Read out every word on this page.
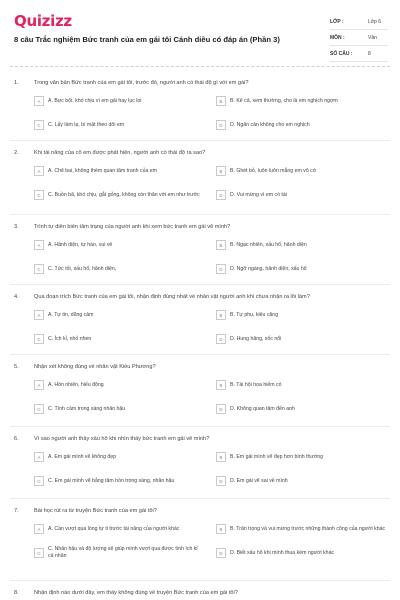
Quizizz
8 câu Trắc nghiệm Bức tranh của em gái tôi Cánh diều có đáp án (Phần 3)
LỚP :	Lớp 6
MÔN :	Văn
SỐ CÂU :	8
1.	Trong văn bản Bức tranh của em gái tôi, trước đó, người anh có thái độ gì với em gái?
A	A. Bực bội, khó chịu vì em gái hay lục lọi	B	B. Kẻ cả, xem thường, cho là em nghịch ngợm
C	C. Lấy làm lạ, bí mật theo dõi em	D	D. Ngăn cản không cho em nghịch
2.	Khi tài năng của cô em được phát hiện, người anh có thái độ ra sao?
A	A. Chê bai, không thèm quan tâm tranh của em	B	B. Ghét bỏ, luôn luôn mắng em vô cớ
C	C. Buồn bã, khó chịu, gắt gỏng, không còn thân với em như trước	D	D. Vui mừng vì em có tài
3.	Trình tự diễn biến tâm trạng của người anh khi xem bức tranh em gái vẽ mình?
A	A. Hãnh diện, tự hào, vui vẻ	B	B. Ngạc nhiên, xấu hổ, hãnh diện
C	C. Tức tối, xấu hổ, hãnh diện,	D	D. Ngỡ ngàng, hãnh diện, xấu hổ
4.	Qua đoạn trích Bức tranh của em gái tôi, nhận định đúng nhất về nhân vật người anh khi chưa nhận ra lỗi lầm?
A	A. Tự tin, dũng cảm	B	B. Tự phụ, kiêu căng
C	C. Ích kỉ, nhỏ nhen	D	D. Hung hăng, xốc nổi
5.	Nhận xét không đúng về nhân vật Kiều Phương?
A	A. Hồn nhiên, hiếu động	B	B. Tài hội họa hiếm có
C	C. Tình cảm trong sáng nhân hậu	D	D. Không quan tâm đến anh
6.	Vì sao người anh thấy xấu hổ khi nhìn thấy bức tranh em gái vẽ mình?
A	A. Em gái mình vẽ không đẹp	B	B. Em gái mình vẽ đẹp hơn bình thường
C	C. Em gái mình vẽ bằng tâm hồn trong sáng, nhân hậu	D	D. Em gái vẽ sai về mình
7.	Bài học rút ra từ truyện Bức tranh của em gái tôi?
A	A. Cần vượt qua lòng tự ti trước tài năng của người khác	B	B. Trân trọng và vui mừng trước những thành công của người khác
C
C. Nhân hậu và độ lượng sẽ giúp mình vượt qua được tính ích kỉ cá nhân	D	D. Biết xấu hổ khi mình thua kém người khác
8.	Nhận định nào dưới đây, em thấy không đúng về truyện Bức tranh của em gái tôi?
